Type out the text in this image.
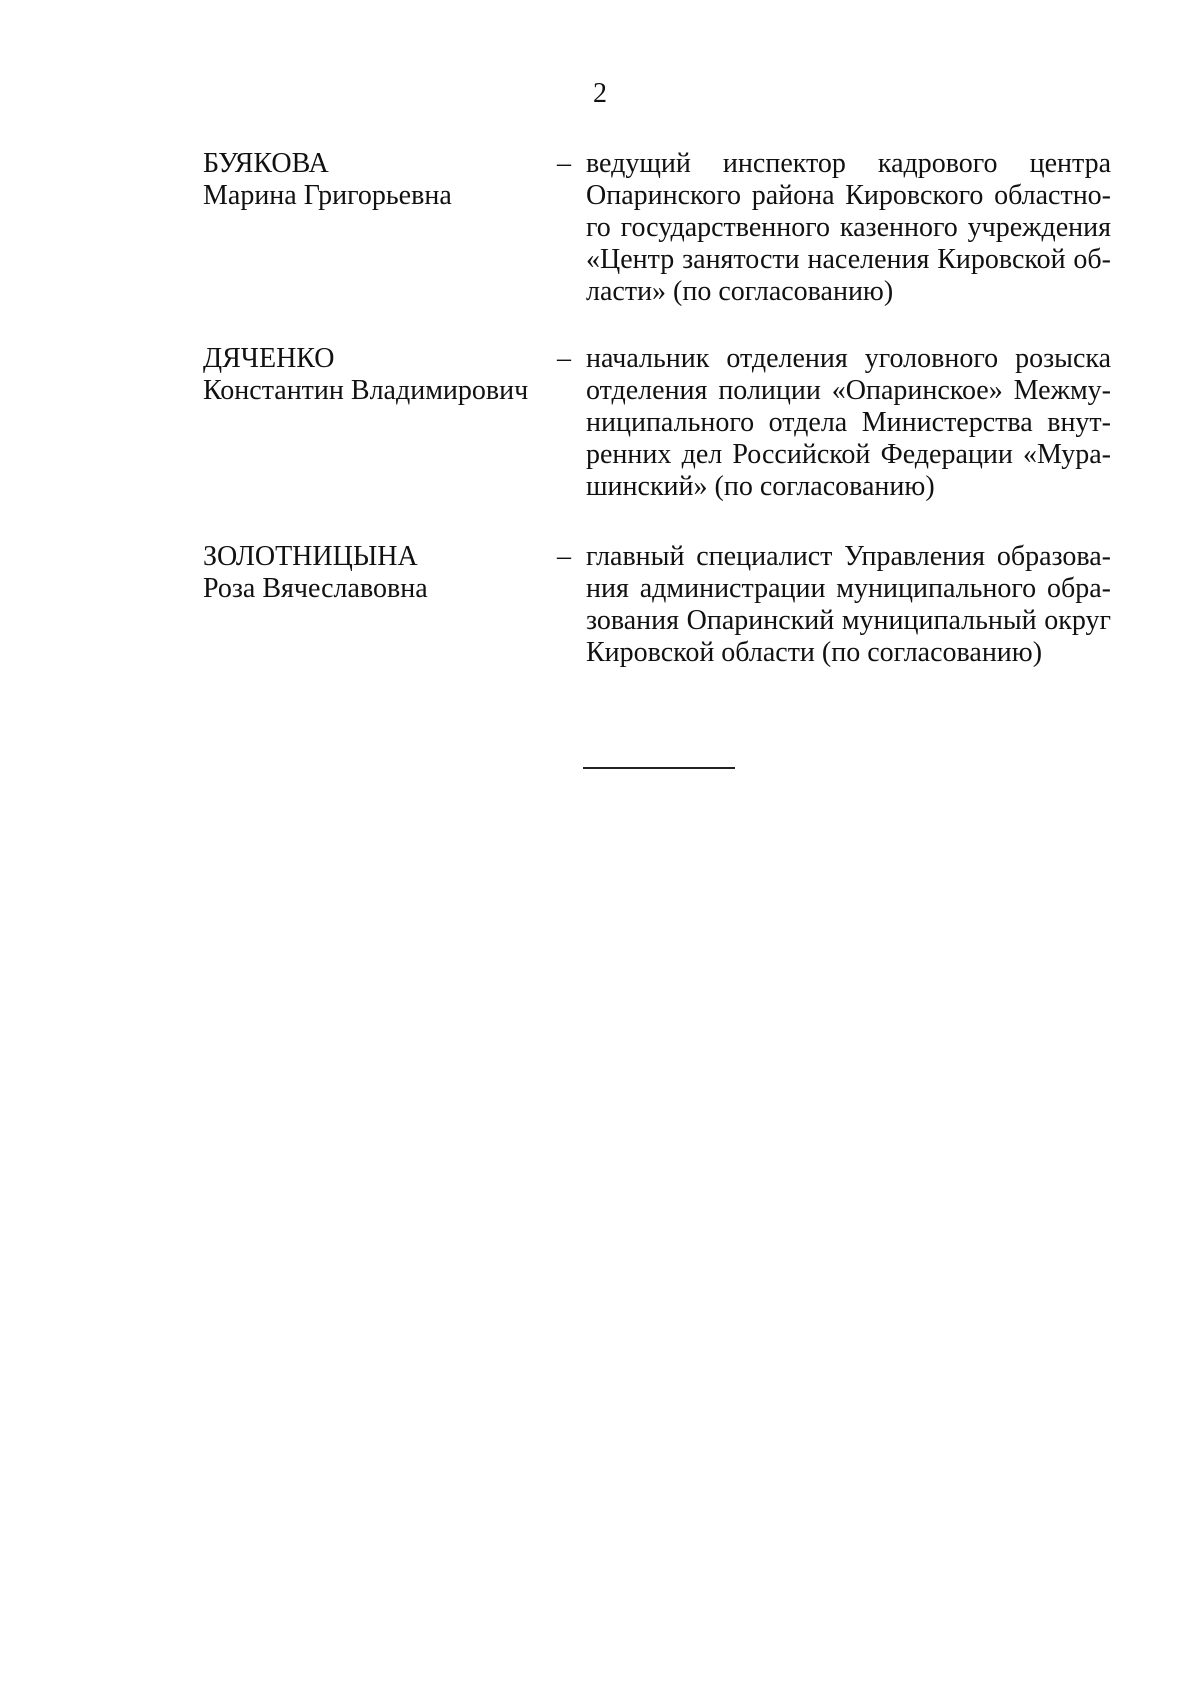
2
БУЯКОВА
Марина Григорьевна
– ведущий инспектор кадрового центра
Опаринского района Кировского областно-
го государственного казенного учреждения
«Центр занятости населения Кировской об-
ласти» (по согласованию)

ДЯЧЕНКО
Константин Владимирович
– начальник отделения уголовного розыска
отделения полиции «Опаринское» Межму-
ниципального отдела Министерства внут-
ренних дел Российской Федерации «Мура-
шинский» (по согласованию)

ЗОЛОТНИЦЫНА
Роза Вячеславовна
– главный специалист Управления образова-
ния администрации муниципального обра-
зования Опаринский муниципальный округ
Кировской области (по согласованию)
